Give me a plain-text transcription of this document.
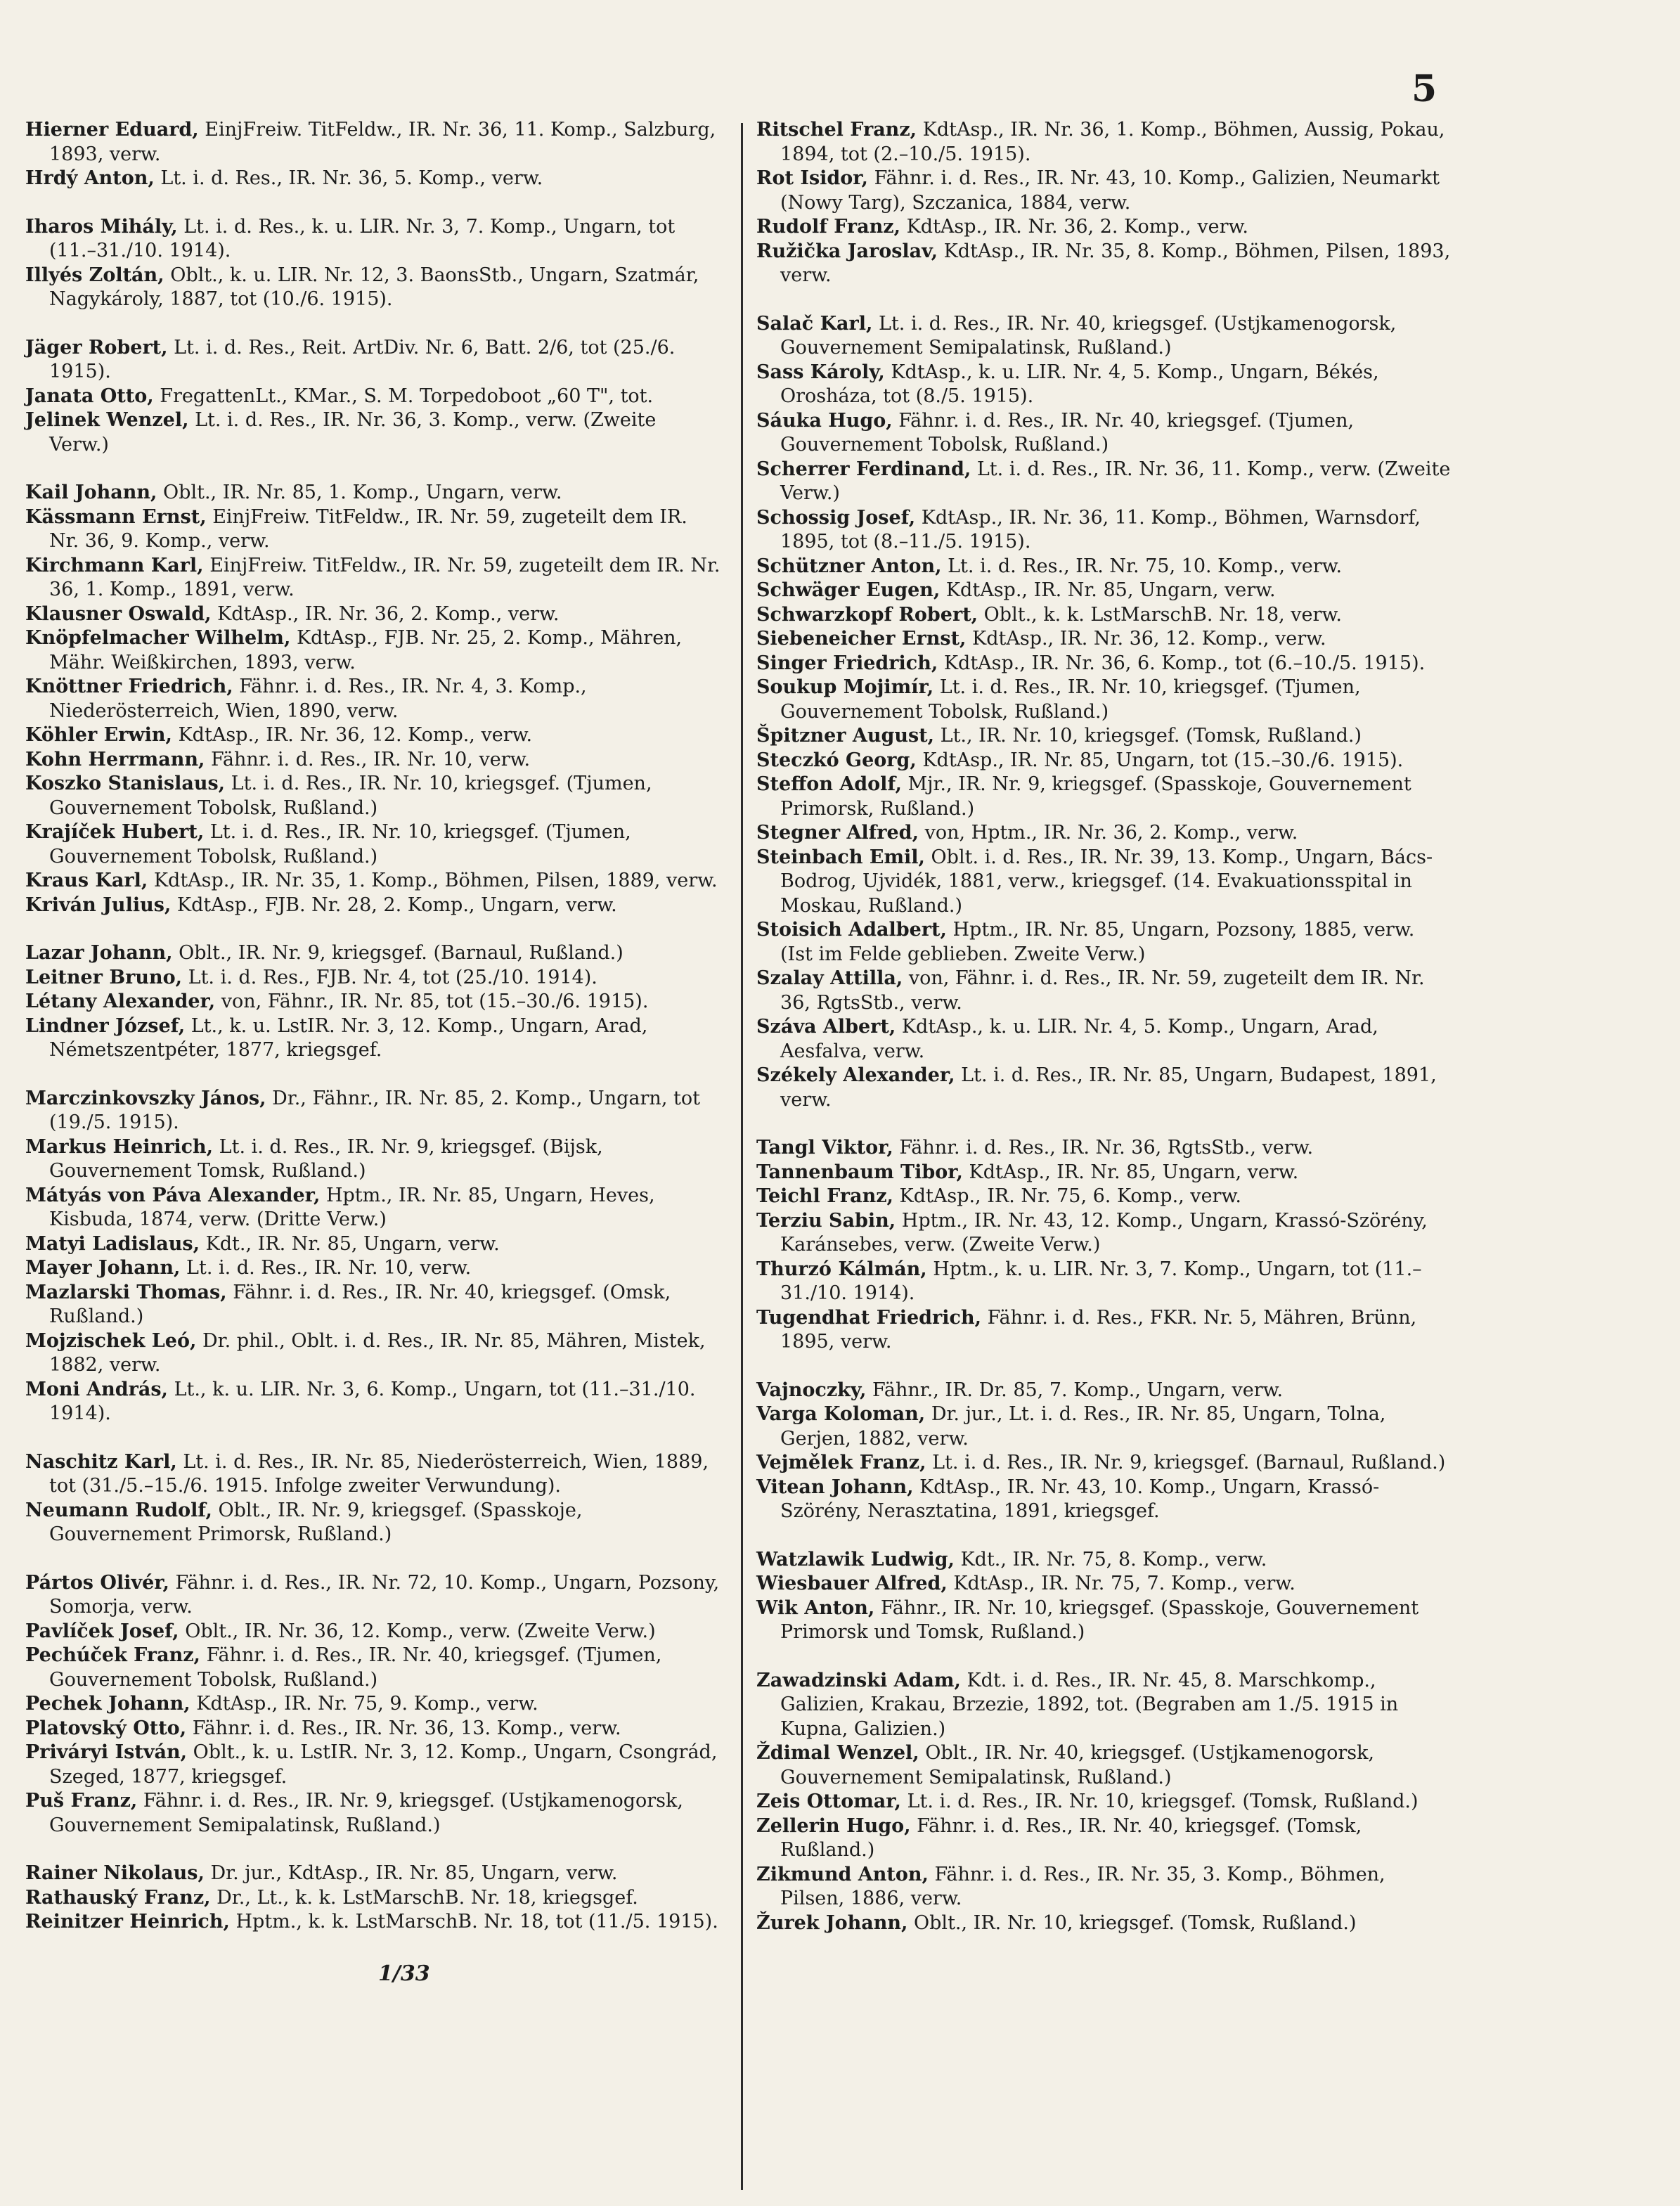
5

Hierner Eduard, EinjFreiw. TitFeldw., IR. Nr. 36, 11. Komp., Salzburg, 1893, verw.

Hrdý Anton, Lt. i. d. Res., IR. Nr. 36, 5. Komp., verw.

Iharos Mihály, Lt. i. d. Res., k. u. LIR. Nr. 3, 7. Komp., Ungarn, tot (11.–31./10. 1914).

Illyés Zoltán, Oblt., k. u. LIR. Nr. 12, 3. BaonsStb., Ungarn, Szatmár, Nagykároly, 1887, tot (10./6. 1915).

Jäger Robert, Lt. i. d. Res., Reit. ArtDiv. Nr. 6, Batt. 2/6, tot (25./6. 1915).

Janata Otto, FregattenLt., KMar., S. M. Torpedoboot „60 T", tot.

Jelinek Wenzel, Lt. i. d. Res., IR. Nr. 36, 3. Komp., verw. (Zweite Verw.)

Kail Johann, Oblt., IR. Nr. 85, 1. Komp., Ungarn, verw.

Kässmann Ernst, EinjFreiw. TitFeldw., IR. Nr. 59, zugeteilt dem IR. Nr. 36, 9. Komp., verw.

Kirchmann Karl, EinjFreiw. TitFeldw., IR. Nr. 59, zugeteilt dem IR. Nr. 36, 1. Komp., 1891, verw.

Klausner Oswald, KdtAsp., IR. Nr. 36, 2. Komp., verw.

Knöpfelmacher Wilhelm, KdtAsp., FJB. Nr. 25, 2. Komp., Mähren, Mähr. Weißkirchen, 1893, verw.

Knöttner Friedrich, Fähnr. i. d. Res., IR. Nr. 4, 3. Komp., Niederösterreich, Wien, 1890, verw.

Köhler Erwin, KdtAsp., IR. Nr. 36, 12. Komp., verw.

Kohn Herrmann, Fähnr. i. d. Res., IR. Nr. 10, verw.

Koszko Stanislaus, Lt. i. d. Res., IR. Nr. 10, kriegsgef. (Tjumen, Gouvernement Tobolsk, Rußland.)

Krajíček Hubert, Lt. i. d. Res., IR. Nr. 10, kriegsgef. (Tjumen, Gouvernement Tobolsk, Rußland.)

Kraus Karl, KdtAsp., IR. Nr. 35, 1. Komp., Böhmen, Pilsen, 1889, verw.

Kriván Julius, KdtAsp., FJB. Nr. 28, 2. Komp., Ungarn, verw.

Lazar Johann, Oblt., IR. Nr. 9, kriegsgef. (Barnaul, Rußland.)

Leitner Bruno, Lt. i. d. Res., FJB. Nr. 4, tot (25./10. 1914).

Létany Alexander, von, Fähnr., IR. Nr. 85, tot (15.–30./6. 1915).

Lindner József, Lt., k. u. LstIR. Nr. 3, 12. Komp., Ungarn, Arad, Németszentpéter, 1877, kriegsgef.

Marczinkovszky János, Dr., Fähnr., IR. Nr. 85, 2. Komp., Ungarn, tot (19./5. 1915).

Markus Heinrich, Lt. i. d. Res., IR. Nr. 9, kriegsgef. (Bijsk, Gouvernement Tomsk, Rußland.)

Mátyás von Páva Alexander, Hptm., IR. Nr. 85, Ungarn, Heves, Kisbuda, 1874, verw. (Dritte Verw.)

Matyi Ladislaus, Kdt., IR. Nr. 85, Ungarn, verw.

Mayer Johann, Lt. i. d. Res., IR. Nr. 10, verw.

Mazlarski Thomas, Fähnr. i. d. Res., IR. Nr. 40, kriegsgef. (Omsk, Rußland.)

Mojzischek Leó, Dr. phil., Oblt. i. d. Res., IR. Nr. 85, Mähren, Mistek, 1882, verw.

Moni András, Lt., k. u. LIR. Nr. 3, 6. Komp., Ungarn, tot (11.–31./10. 1914).

Naschitz Karl, Lt. i. d. Res., IR. Nr. 85, Niederösterreich, Wien, 1889, tot (31./5.–15./6. 1915. Infolge zweiter Verwundung).

Neumann Rudolf, Oblt., IR. Nr. 9, kriegsgef. (Spasskoje, Gouvernement Primorsk, Rußland.)

Pártos Olivér, Fähnr. i. d. Res., IR. Nr. 72, 10. Komp., Ungarn, Pozsony, Somorja, verw.

Pavlíček Josef, Oblt., IR. Nr. 36, 12. Komp., verw. (Zweite Verw.)

Pechúček Franz, Fähnr. i. d. Res., IR. Nr. 40, kriegsgef. (Tjumen, Gouvernement Tobolsk, Rußland.)

Pechek Johann, KdtAsp., IR. Nr. 75, 9. Komp., verw.

Platovský Otto, Fähnr. i. d. Res., IR. Nr. 36, 13. Komp., verw.

Priváryi István, Oblt., k. u. LstIR. Nr. 3, 12. Komp., Ungarn, Csongrád, Szeged, 1877, kriegsgef.

Puš Franz, Fähnr. i. d. Res., IR. Nr. 9, kriegsgef. (Ustjkamenogorsk, Gouvernement Semipalatinsk, Rußland.)

Rainer Nikolaus, Dr. jur., KdtAsp., IR. Nr. 85, Ungarn, verw.

Rathauský Franz, Dr., Lt., k. k. LstMarschB. Nr. 18, kriegsgef.

Reinitzer Heinrich, Hptm., k. k. LstMarschB. Nr. 18, tot (11./5. 1915).

Ritschel Franz, KdtAsp., IR. Nr. 36, 1. Komp., Böhmen, Aussig, Pokau, 1894, tot (2.–10./5. 1915).

Rot Isidor, Fähnr. i. d. Res., IR. Nr. 43, 10. Komp., Galizien, Neumarkt (Nowy Targ), Szczanica, 1884, verw.

Rudolf Franz, KdtAsp., IR. Nr. 36, 2. Komp., verw.

Ružička Jaroslav, KdtAsp., IR. Nr. 35, 8. Komp., Böhmen, Pilsen, 1893, verw.

Salač Karl, Lt. i. d. Res., IR. Nr. 40, kriegsgef. (Ustjkamenogorsk, Gouvernement Semipalatinsk, Rußland.)

Sass Károly, KdtAsp., k. u. LIR. Nr. 4, 5. Komp., Ungarn, Békés, Orosháza, tot (8./5. 1915).

Sáuka Hugo, Fähnr. i. d. Res., IR. Nr. 40, kriegsgef. (Tjumen, Gouvernement Tobolsk, Rußland.)

Scherrer Ferdinand, Lt. i. d. Res., IR. Nr. 36, 11. Komp., verw. (Zweite Verw.)

Schossig Josef, KdtAsp., IR. Nr. 36, 11. Komp., Böhmen, Warnsdorf, 1895, tot (8.–11./5. 1915).

Schützner Anton, Lt. i. d. Res., IR. Nr. 75, 10. Komp., verw.

Schwäger Eugen, KdtAsp., IR. Nr. 85, Ungarn, verw.

Schwarzkopf Robert, Oblt., k. k. LstMarschB. Nr. 18, verw.

Siebeneicher Ernst, KdtAsp., IR. Nr. 36, 12. Komp., verw.

Singer Friedrich, KdtAsp., IR. Nr. 36, 6. Komp., tot (6.–10./5. 1915).

Soukup Mojimír, Lt. i. d. Res., IR. Nr. 10, kriegsgef. (Tjumen, Gouvernement Tobolsk, Rußland.)

Špitzner August, Lt., IR. Nr. 10, kriegsgef. (Tomsk, Rußland.)

Steczkó Georg, KdtAsp., IR. Nr. 85, Ungarn, tot (15.–30./6. 1915).

Steffon Adolf, Mjr., IR. Nr. 9, kriegsgef. (Spasskoje, Gouvernement Primorsk, Rußland.)

Stegner Alfred, von, Hptm., IR. Nr. 36, 2. Komp., verw.

Steinbach Emil, Oblt. i. d. Res., IR. Nr. 39, 13. Komp., Ungarn, Bács-Bodrog, Ujvidék, 1881, verw., kriegsgef. (14. Evakuationsspital in Moskau, Rußland.)

Stoisich Adalbert, Hptm., IR. Nr. 85, Ungarn, Pozsony, 1885, verw. (Ist im Felde geblieben. Zweite Verw.)

Szalay Attilla, von, Fähnr. i. d. Res., IR. Nr. 59, zugeteilt dem IR. Nr. 36, RgtsStb., verw.

Száva Albert, KdtAsp., k. u. LIR. Nr. 4, 5. Komp., Ungarn, Arad, Aesfalva, verw.

Székely Alexander, Lt. i. d. Res., IR. Nr. 85, Ungarn, Budapest, 1891, verw.

Tangl Viktor, Fähnr. i. d. Res., IR. Nr. 36, RgtsStb., verw.

Tannenbaum Tibor, KdtAsp., IR. Nr. 85, Ungarn, verw.

Teichl Franz, KdtAsp., IR. Nr. 75, 6. Komp., verw.

Terziu Sabin, Hptm., IR. Nr. 43, 12. Komp., Ungarn, Krassó-Szörény, Karánsebes, verw. (Zweite Verw.)

Thurzó Kálmán, Hptm., k. u. LIR. Nr. 3, 7. Komp., Ungarn, tot (11.–31./10. 1914).

Tugendhat Friedrich, Fähnr. i. d. Res., FKR. Nr. 5, Mähren, Brünn, 1895, verw.

Vajnoczky, Fähnr., IR. Dr. 85, 7. Komp., Ungarn, verw.

Varga Koloman, Dr. jur., Lt. i. d. Res., IR. Nr. 85, Ungarn, Tolna, Gerjen, 1882, verw.

Vejmělek Franz, Lt. i. d. Res., IR. Nr. 9, kriegsgef. (Barnaul, Rußland.)

Vitean Johann, KdtAsp., IR. Nr. 43, 10. Komp., Ungarn, Krassó-Szörény, Nerasztatina, 1891, kriegsgef.

Watzlawik Ludwig, Kdt., IR. Nr. 75, 8. Komp., verw.

Wiesbauer Alfred, KdtAsp., IR. Nr. 75, 7. Komp., verw.

Wik Anton, Fähnr., IR. Nr. 10, kriegsgef. (Spasskoje, Gouvernement Primorsk und Tomsk, Rußland.)

Zawadzinski Adam, Kdt. i. d. Res., IR. Nr. 45, 8. Marschkomp., Galizien, Krakau, Brzezie, 1892, tot. (Begraben am 1./5. 1915 in Kupna, Galizien.)

Ždimal Wenzel, Oblt., IR. Nr. 40, kriegsgef. (Ustjkamenogorsk, Gouvernement Semipalatinsk, Rußland.)

Zeis Ottomar, Lt. i. d. Res., IR. Nr. 10, kriegsgef. (Tomsk, Rußland.)

Zellerin Hugo, Fähnr. i. d. Res., IR. Nr. 40, kriegsgef. (Tomsk, Rußland.)

Zikmund Anton, Fähnr. i. d. Res., IR. Nr. 35, 3. Komp., Böhmen, Pilsen, 1886, verw.

Žurek Johann, Oblt., IR. Nr. 10, kriegsgef. (Tomsk, Rußland.)

1/33
